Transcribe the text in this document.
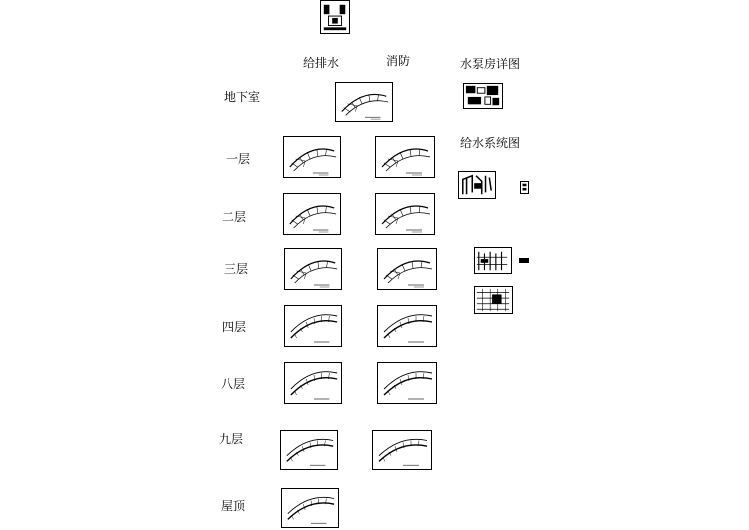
给排水	消防	水泵房详图
给水系统图
地下室
一层
二层
三层
四层
八层
九层
屋顶
